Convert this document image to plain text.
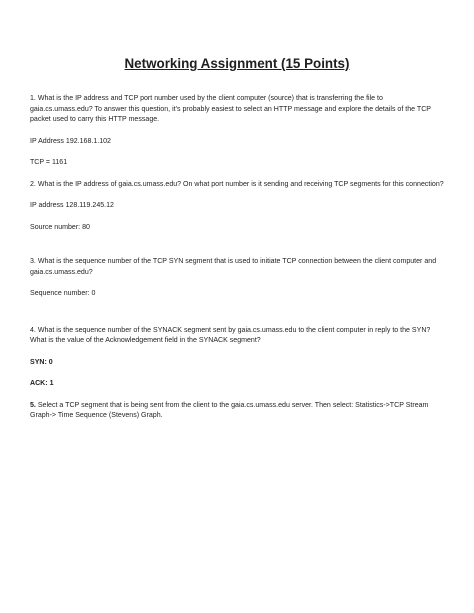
Networking Assignment (15 Points)

1. What is the IP address and TCP port number used by the client computer (source) that is transferring the file to gaia.cs.umass.edu? To answer this question, it’s probably easiest to select an HTTP message and explore the details of the TCP packet used to carry this HTTP message.

IP Address 192.168.1.102

TCP = 1161

2. What is the IP address of gaia.cs.umass.edu? On what port number is it sending and receiving TCP segments for this connection?

IP address 128.119.245.12

Source number: 80

3. What is the sequence number of the TCP SYN segment that is used to initiate TCP connection between the client computer and gaia.cs.umass.edu?

Sequence number: 0

4. What is the sequence number of the SYNACK segment sent by gaia.cs.umass.edu to the client computer in reply to the SYN? What is the value of the Acknowledgement field in the SYNACK segment?

SYN: 0

ACK: 1

5. Select a TCP segment that is being sent from the client to the gaia.cs.umass.edu server. Then select: Statistics->TCP Stream Graph-> Time Sequence (Stevens) Graph.
